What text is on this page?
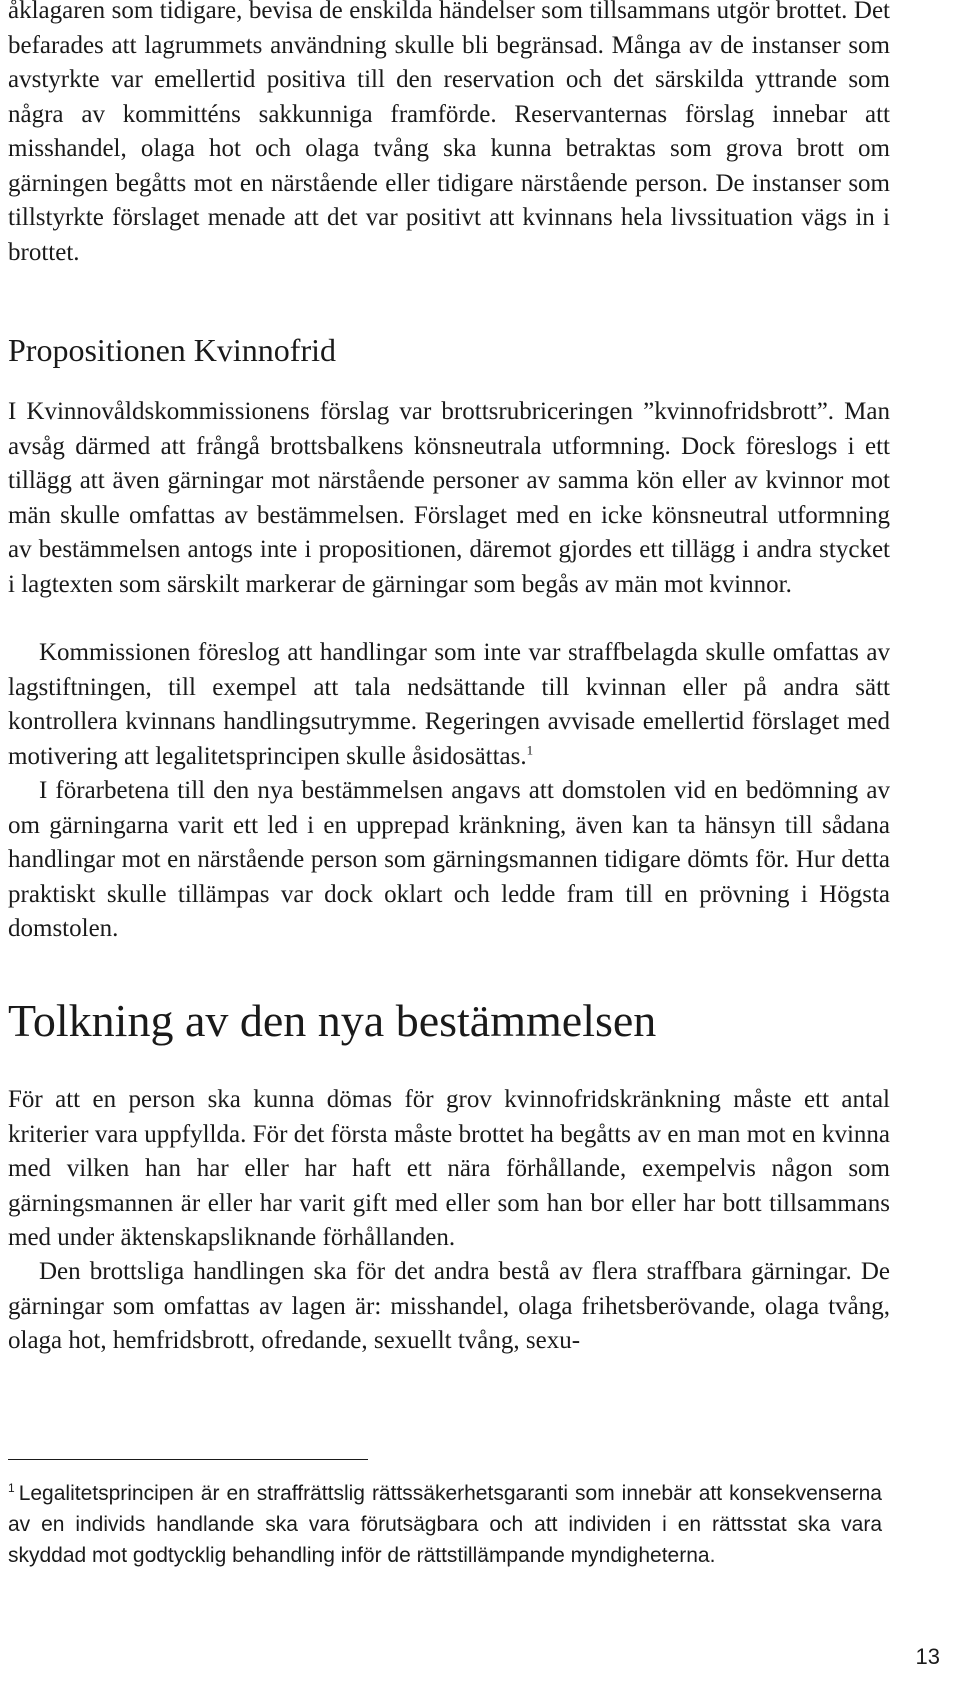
åklagaren som tidigare, bevisa de enskilda händelser som tillsammans utgör brottet. Det befarades att lagrummets användning skulle bli begränsad. Många av de instanser som avstyrkte var emellertid positiva till den reservation och det särskilda yttrande som några av kommitténs sakkunniga framförde. Reservanternas förslag innebar att misshandel, olaga hot och olaga tvång ska kunna betraktas som grova brott om gärningen begåtts mot en närstående eller tidigare närstående person. De instanser som tillstyrkte förslaget menade att det var positivt att kvinnans hela livssituation vägs in i brottet.

Propositionen Kvinnofrid

I Kvinnovåldskommissionens förslag var brottsrubriceringen ”kvinnofridsbrott”. Man avsåg därmed att frångå brottsbalkens könsneutrala utformning. Dock föreslogs i ett tillägg att även gärningar mot närstående personer av samma kön eller av kvinnor mot män skulle omfattas av bestämmelsen. Förslaget med en icke könsneutral utformning av bestämmelsen antogs inte i propositionen, däremot gjordes ett tillägg i andra stycket i lagtexten som särskilt markerar de gärningar som begås av män mot kvinnor.

Kommissionen föreslog att handlingar som inte var straffbelagda skulle omfattas av lagstiftningen, till exempel att tala nedsättande till kvinnan eller på andra sätt kontrollera kvinnans handlingsutrymme. Regeringen avvisade emellertid förslaget med motivering att legalitetsprincipen skulle åsidosättas.$^1$

I förarbetena till den nya bestämmelsen angavs att domstolen vid en bedömning av om gärningarna varit ett led i en upprepad kränkning, även kan ta hänsyn till sådana handlingar mot en närstående person som gärningsmannen tidigare dömts för. Hur detta praktiskt skulle tillämpas var dock oklart och ledde fram till en prövning i Högsta domstolen.

Tolkning av den nya bestämmelsen

För att en person ska kunna dömas för grov kvinnofridskränkning måste ett antal kriterier vara uppfyllda. För det första måste brottet ha begåtts av en man mot en kvinna med vilken han har eller har haft ett nära förhållande, exempelvis någon som gärningsmannen är eller har varit gift med eller som han bor eller har bott tillsammans med under äktenskapsliknande förhållanden.

Den brottsliga handlingen ska för det andra bestå av flera straffbara gärningar. De gärningar som omfattas av lagen är: misshandel, olaga frihetsberövande, olaga tvång, olaga hot, hemfridsbrott, ofredande, sexuellt tvång, sexu-

$^1$ Legalitetsprincipen är en straffrättslig rättssäkerhetsgaranti som innebär att konsekvenserna av en individs handlande ska vara förutsägbara och att individen i en rättsstat ska vara skyddad mot godtycklig behandling inför de rättstillämpande myndigheterna.

13
